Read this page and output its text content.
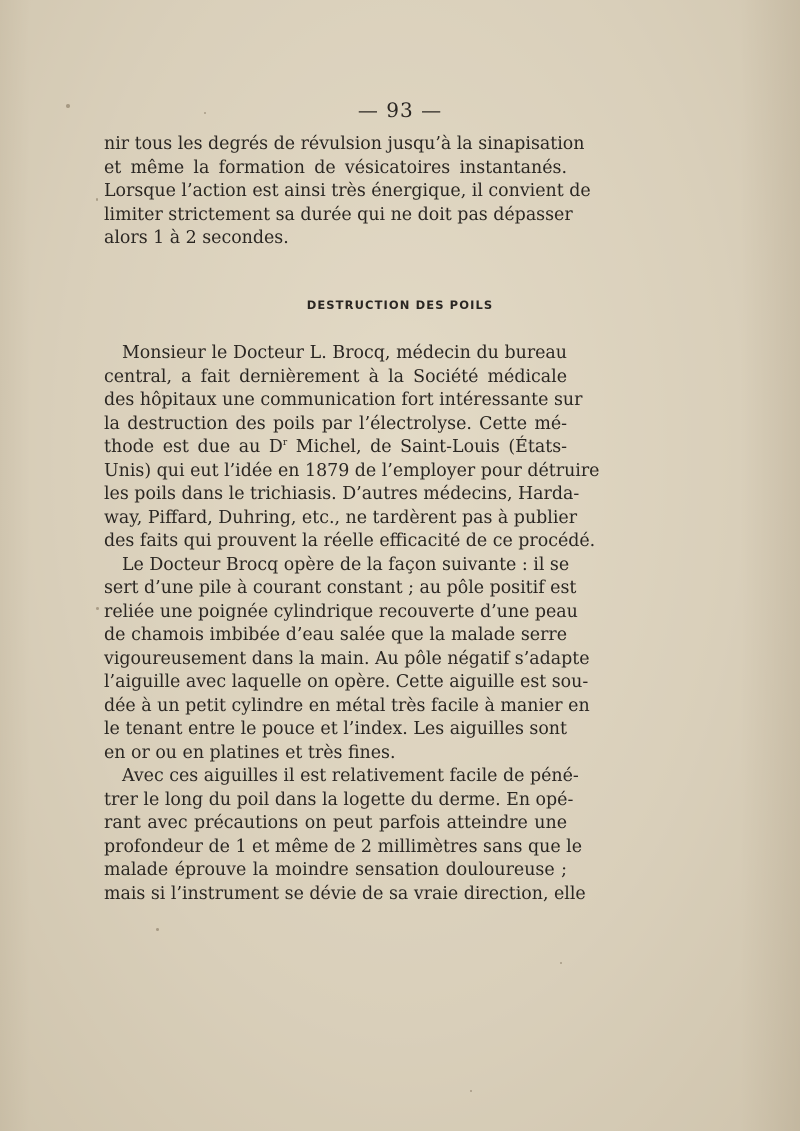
— 93 —
nir tous les degrés de révulsion jusqu’à la sinapisation
et même la formation de vésicatoires instantanés.
Lorsque l’action est ainsi très énergique, il convient de
limiter strictement sa durée qui ne doit pas dépasser
alors 1 à 2 secondes.
DESTRUCTION DES POILS
Monsieur le Docteur L. Brocq, médecin du bureau
central, a fait dernièrement à la Société médicale
des hôpitaux une communication fort intéressante sur
la destruction des poils par l’électrolyse. Cette mé-
thode est due au $D^r$ Michel, de Saint-Louis (États-
Unis) qui eut l’idée en 1879 de l’employer pour détruire
les poils dans le trichiasis. D’autres médecins, Harda-
way, Piffard, Duhring, etc., ne tardèrent pas à publier
des faits qui prouvent la réelle efficacité de ce procédé.
Le Docteur Brocq opère de la façon suivante : il se
sert d’une pile à courant constant ; au pôle positif est
reliée une poignée cylindrique recouverte d’une peau
de chamois imbibée d’eau salée que la malade serre
vigoureusement dans la main. Au pôle négatif s’adapte
l’aiguille avec laquelle on opère. Cette aiguille est sou-
dée à un petit cylindre en métal très facile à manier en
le tenant entre le pouce et l’index. Les aiguilles sont
en or ou en platines et très fines.
Avec ces aiguilles il est relativement facile de péné-
trer le long du poil dans la logette du derme. En opé-
rant avec précautions on peut parfois atteindre une
profondeur de 1 et même de 2 millimètres sans que le
malade éprouve la moindre sensation douloureuse ;
mais si l’instrument se dévie de sa vraie direction, elle
